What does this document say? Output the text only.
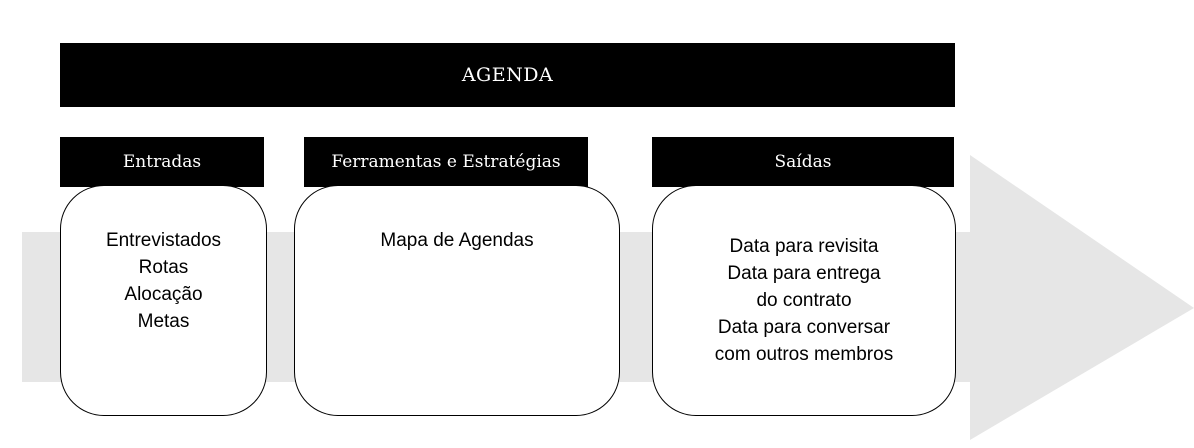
AGENDA
Entradas
Entrevistados
Rotas
Alocação
Metas
Ferramentas e Estratégias
Mapa de Agendas
Saídas
Data para revisita
Data para entrega
do contrato
Data para conversar
com outros membros
